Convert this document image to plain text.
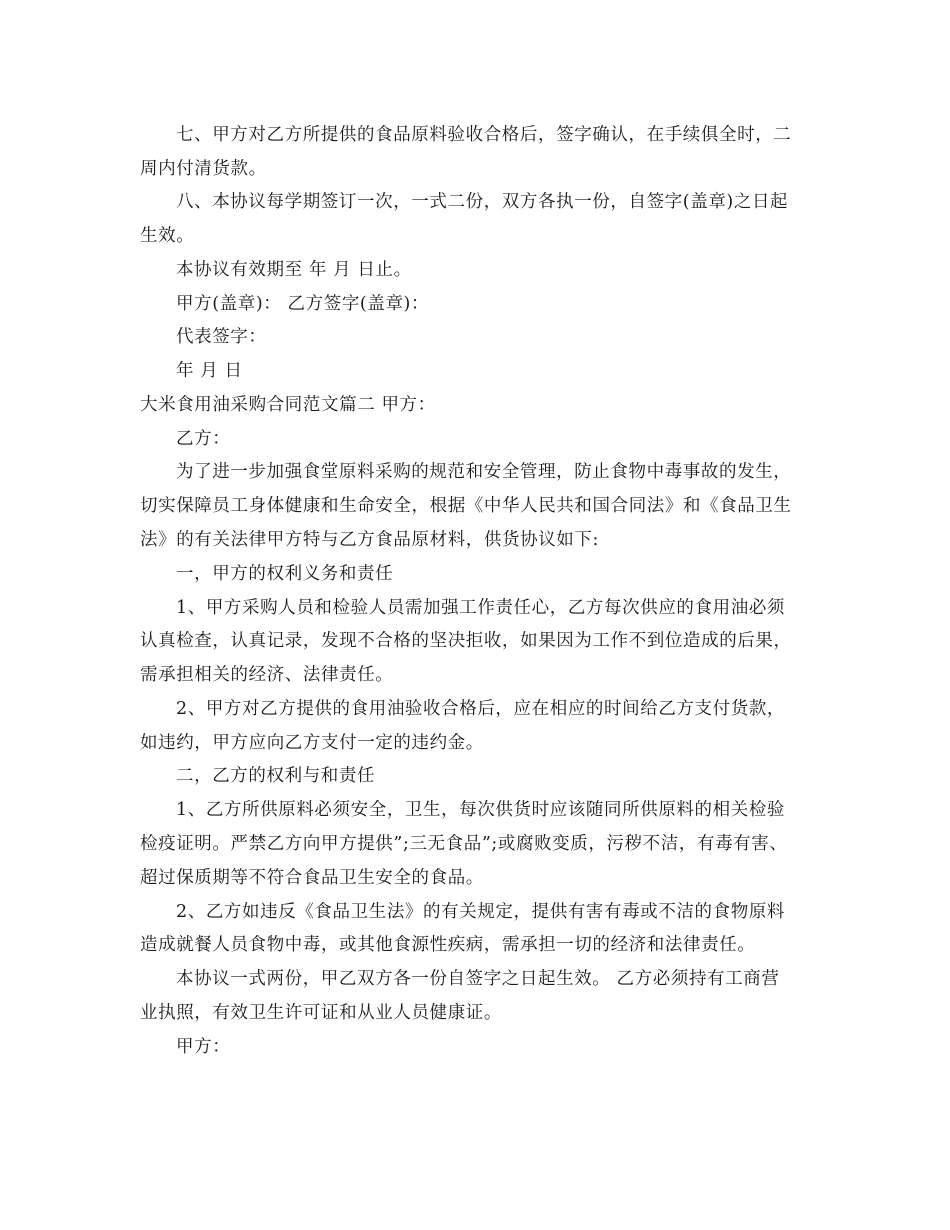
七、甲方对乙方所提供的食品原料验收合格后，签字确认，在手续俱全时，二
周内付清货款。
八、本协议每学期签订一次，一式二份，双方各执一份，自签字(盖章)之日起
生效。
本协议有效期至 年 月 日止。
甲方(盖章)： 乙方签字(盖章)：
代表签字：
年 月 日
大米食用油采购合同范文篇二 甲方：
乙方：
为了进一步加强食堂原料采购的规范和安全管理，防止食物中毒事故的发生，
切实保障员工身体健康和生命安全，根据《中华人民共和国合同法》和《食品卫生
法》的有关法律甲方特与乙方食品原材料，供货协议如下:
一，甲方的权利义务和责任
1、甲方采购人员和检验人员需加强工作责任心，乙方每次供应的食用油必须
认真检查，认真记录，发现不合格的坚决拒收，如果因为工作不到位造成的后果，
需承担相关的经济、法律责任。
2、甲方对乙方提供的食用油验收合格后，应在相应的时间给乙方支付货款，
如违约，甲方应向乙方支付一定的违约金。
二，乙方的权利与和责任
1、乙方所供原料必须安全，卫生，每次供货时应该随同所供原料的相关检验
检疫证明。严禁乙方向甲方提供”;三无食品”;或腐败变质，污秽不洁，有毒有害、
超过保质期等不符合食品卫生安全的食品。
2、乙方如违反《食品卫生法》的有关规定，提供有害有毒或不洁的食物原料
造成就餐人员食物中毒，或其他食源性疾病，需承担一切的经济和法律责任。
本协议一式两份，甲乙双方各一份自签字之日起生效。 乙方必须持有工商营
业执照，有效卫生许可证和从业人员健康证。
甲方：
